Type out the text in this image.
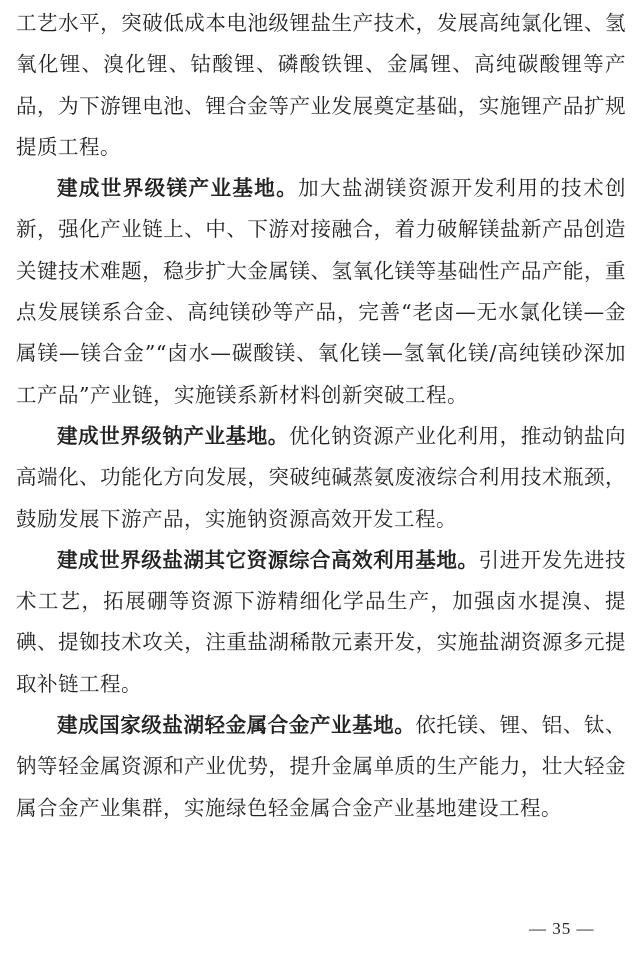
工艺水平，突破低成本电池级锂盐生产技术，发展高纯氯化锂、氢氧化锂、溴化锂、钴酸锂、磷酸铁锂、金属锂、高纯碳酸锂等产品，为下游锂电池、锂合金等产业发展奠定基础，实施锂产品扩规提质工程。

建成世界级镁产业基地。加大盐湖镁资源开发利用的技术创新，强化产业链上、中、下游对接融合，着力破解镁盐新产品创造关键技术难题，稳步扩大金属镁、氢氧化镁等基础性产品产能，重点发展镁系合金、高纯镁砂等产品，完善“老卤—无水氯化镁—金属镁—镁合金”“卤水—碳酸镁、氧化镁—氢氧化镁/高纯镁砂深加工产品”产业链，实施镁系新材料创新突破工程。

建成世界级钠产业基地。优化钠资源产业化利用，推动钠盐向高端化、功能化方向发展，突破纯碱蒸氨废液综合利用技术瓶颈，鼓励发展下游产品，实施钠资源高效开发工程。

建成世界级盐湖其它资源综合高效利用基地。引进开发先进技术工艺，拓展硼等资源下游精细化学品生产，加强卤水提溴、提碘、提铷技术攻关，注重盐湖稀散元素开发，实施盐湖资源多元提取补链工程。

建成国家级盐湖轻金属合金产业基地。依托镁、锂、铝、钛、钠等轻金属资源和产业优势，提升金属单质的生产能力，壮大轻金属合金产业集群，实施绿色轻金属合金产业基地建设工程。

— 35 —
